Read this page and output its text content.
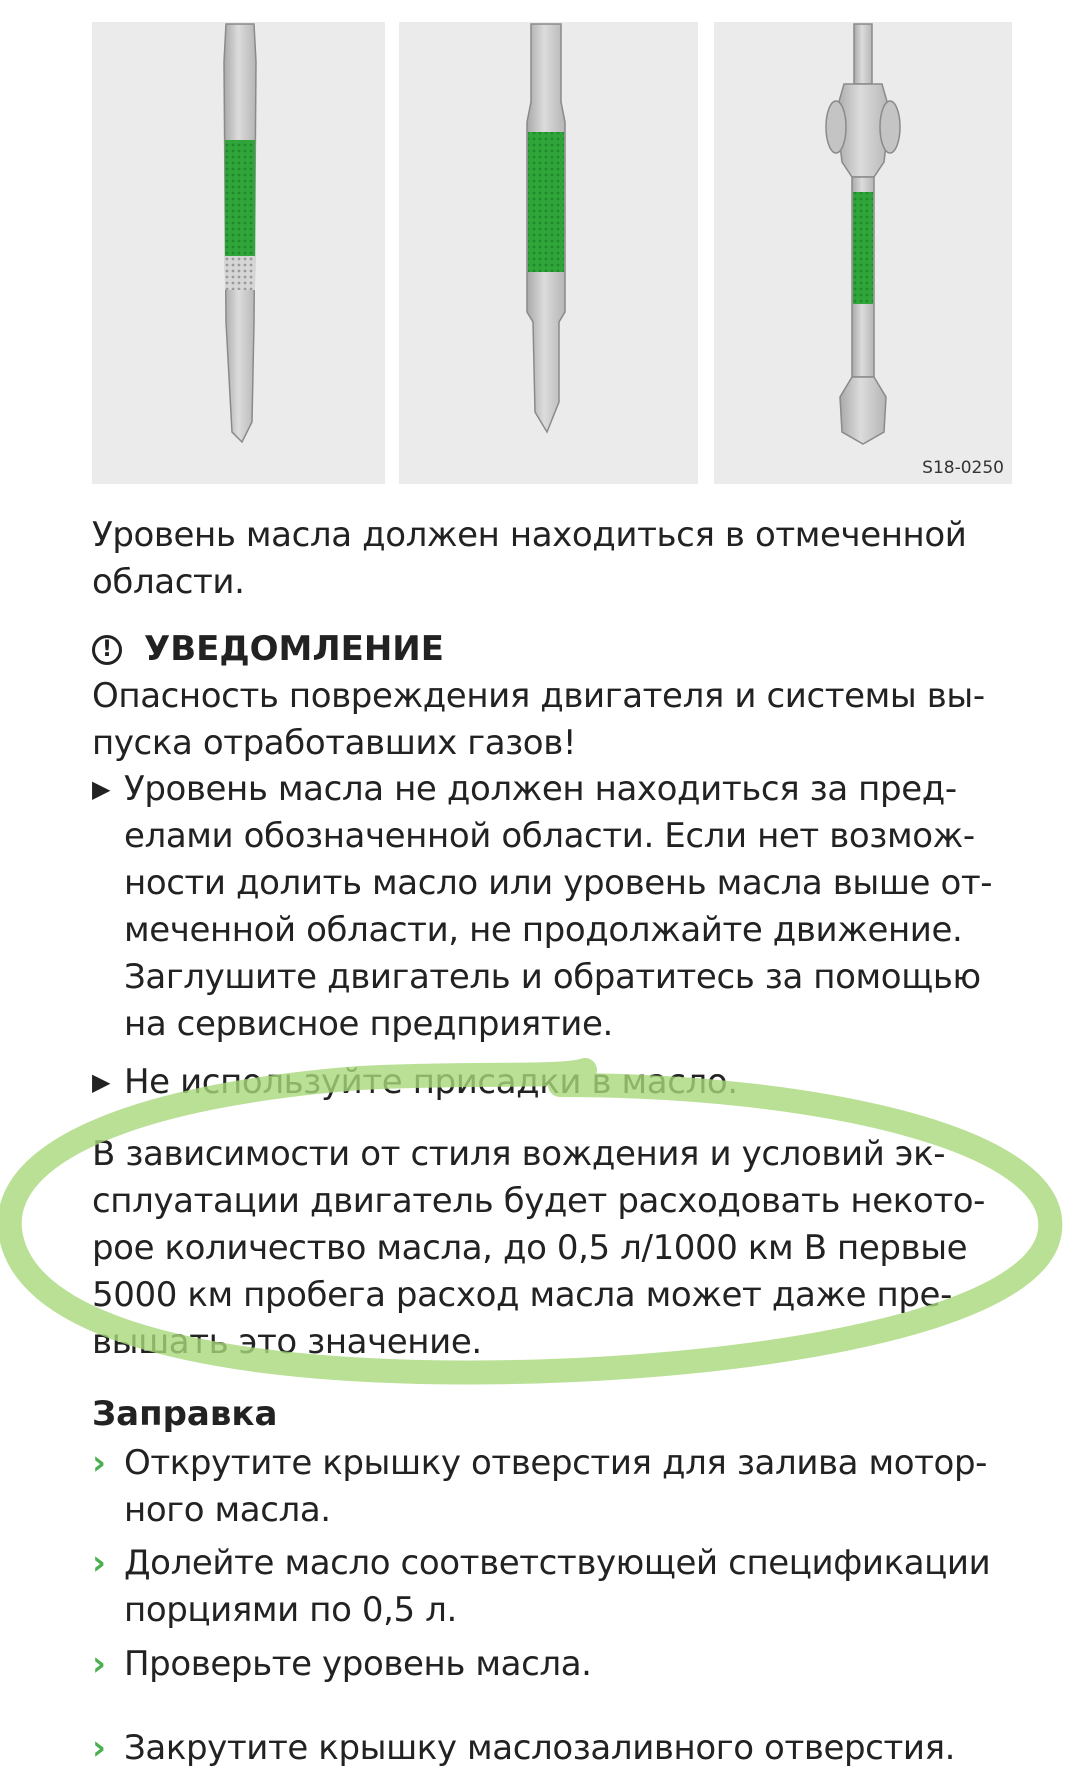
S18-0250
Уровень масла должен находиться в отмеченной области.
! УВЕДОМЛЕНИЕ
Опасность повреждения двигателя и системы вы-пуска отработавших газов!
▶ Уровень масла не должен находиться за пред-елами обозначенной области. Если нет возмож-ности долить масло или уровень масла выше от-меченной области, не продолжайте движение. Заглушите двигатель и обратитесь за помощью на сервисное предприятие.
▶ Не используйте присадки в масло.
В зависимости от стиля вождения и условий эк-сплуатации двигатель будет расходовать некото-рое количество масла, до 0,5 л/1000 км В первые 5000 км пробега расход масла может даже пре-вышать это значение.
Заправка
› Открутите крышку отверстия для залива мотор-ного масла.
› Долейте масло соответствующей спецификации порциями по 0,5 л.
› Проверьте уровень масла.
› Закрутите крышку маслозаливного отверстия.
